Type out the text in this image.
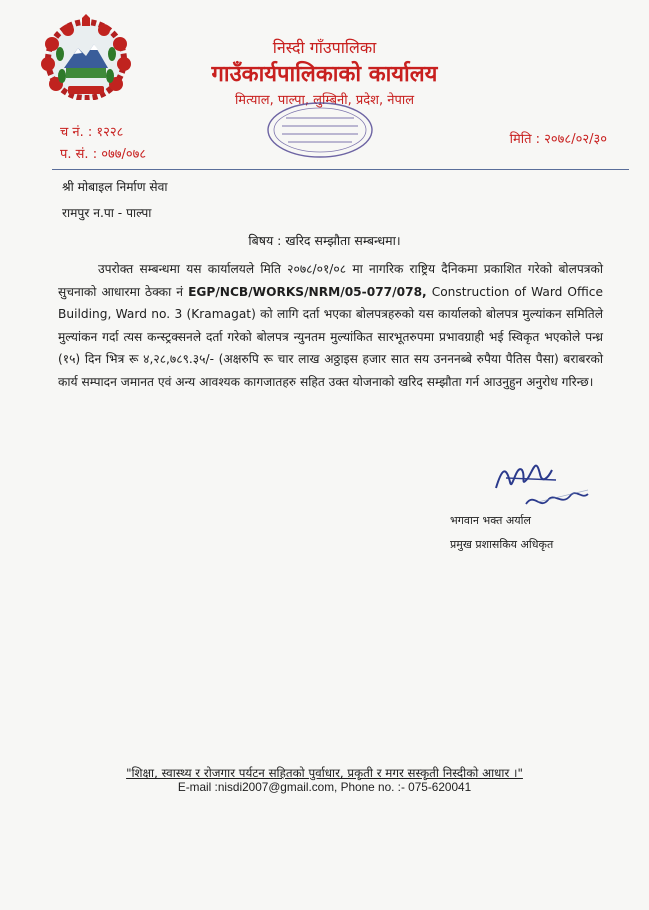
निस्दी गाँउपालिका
गाउँकार्यपालिकाको कार्यालय
मित्याल, पाल्पा, लुम्बिनी, प्रदेश, नेपाल
च नं. : १२२८
प. सं. : ०७७/०७८
मिति : २०७८/०२/३०
श्री मोबाइल निर्माण सेवा
रामपुर न.पा - पाल्पा
बिषय : खरिद सम्झौता सम्बन्धमा।

उपरोक्त सम्बन्धमा यस कार्यालयले मिति २०७८/०१/०८ मा नागरिक राष्ट्रिय दैनिकमा प्रकाशित गरेको बोलपत्रको सुचनाको आधारमा ठेक्का नं EGP/NCB/WORKS/NRM/05-077/078, Construction of Ward Office Building, Ward no. 3 (Kramagat) को लागि दर्ता भएका बोलपत्रहरुको यस कार्यालको बोलपत्र मुल्यांकन समितिले मुल्यांकन गर्दा त्यस कन्स्ट्रक्सनले दर्ता गरेको बोलपत्र न्युनतम मुल्यांकित सारभूतरुपमा प्रभावग्राही भई स्विकृत भएकोले पन्ध्र (१५) दिन भित्र रू ४,२८,७८९.३५/- (अक्षरुपि रू चार लाख अठ्ठाइस हजार सात सय उनननब्बे रुपैया पैतिस पैसा) बराबरको कार्य सम्पादन जमानत एवं अन्य आवश्यक कागजातहरु सहित उक्त योजनाको खरिद सम्झौता गर्न आउनुहुन अनुरोध गरिन्छ।

भगवान भक्त अर्याल
प्रमुख प्रशासकिय अधिकृत
"शिक्षा, स्वास्थ्य र रोजगार पर्यटन सहितको पुर्वाधार, प्रकृती र मगर सस्कृती निस्दीको आधार ।"
E-mail :nisdi2007@gmail.com, Phone no. :- 075-620041
